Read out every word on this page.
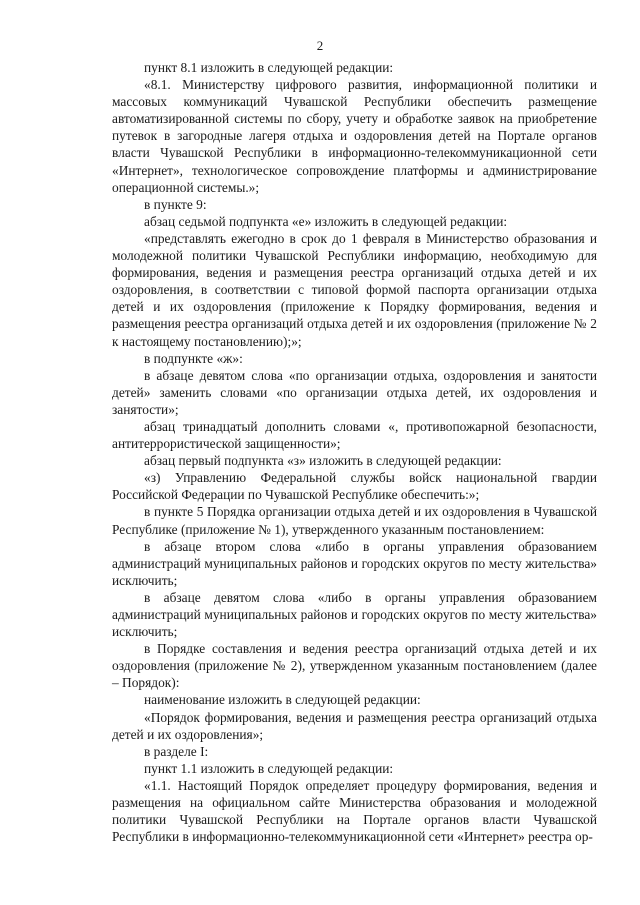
2

пункт 8.1 изложить в следующей редакции:

«8.1. Министерству цифрового развития, информационной политики и массовых коммуникаций Чувашской Республики обеспечить размещение автоматизированной системы по сбору, учету и обработке заявок на приобретение путевок в загородные лагеря отдыха и оздоровления детей на Портале органов власти Чувашской Республики в информационно-телекоммуникационной сети «Интернет», технологическое сопровождение платформы и администрирование операционной системы.»;

в пункте 9:

абзац седьмой подпункта «е» изложить в следующей редакции:

«представлять ежегодно в срок до 1 февраля в Министерство образования и молодежной политики Чувашской Республики информацию, необходимую для формирования, ведения и размещения реестра организаций отдыха детей и их оздоровления, в соответствии с типовой формой паспорта организации отдыха детей и их оздоровления (приложение к Порядку формирования, ведения и размещения реестра организаций отдыха детей и их оздоровления (приложение № 2 к настоящему постановлению);»;

в подпункте «ж»:

в абзаце девятом слова «по организации отдыха, оздоровления и занятости детей» заменить словами «по организации отдыха детей, их оздоровления и занятости»;

абзац тринадцатый дополнить словами «, противопожарной безопасности, антитеррористической защищенности»;

абзац первый подпункта «з» изложить в следующей редакции:

«з) Управлению Федеральной службы войск национальной гвардии Российской Федерации по Чувашской Республике обеспечить:»;

в пункте 5 Порядка организации отдыха детей и их оздоровления в Чувашской Республике (приложение № 1), утвержденного указанным постановлением:

в абзаце втором слова «либо в органы управления образованием администраций муниципальных районов и городских округов по месту жительства» исключить;

в абзаце девятом слова «либо в органы управления образованием администраций муниципальных районов и городских округов по месту жительства» исключить;

в Порядке составления и ведения реестра организаций отдыха детей и их оздоровления (приложение № 2), утвержденном указанным постановлением (далее – Порядок):

наименование изложить в следующей редакции:

«Порядок формирования, ведения и размещения реестра организаций отдыха детей и их оздоровления»;

в разделе I:

пункт 1.1 изложить в следующей редакции:

«1.1. Настоящий Порядок определяет процедуру формирования, ведения и размещения на официальном сайте Министерства образования и молодежной политики Чувашской Республики на Портале органов власти Чувашской Республики в информационно-телекоммуникационной сети «Интернет» реестра ор-
